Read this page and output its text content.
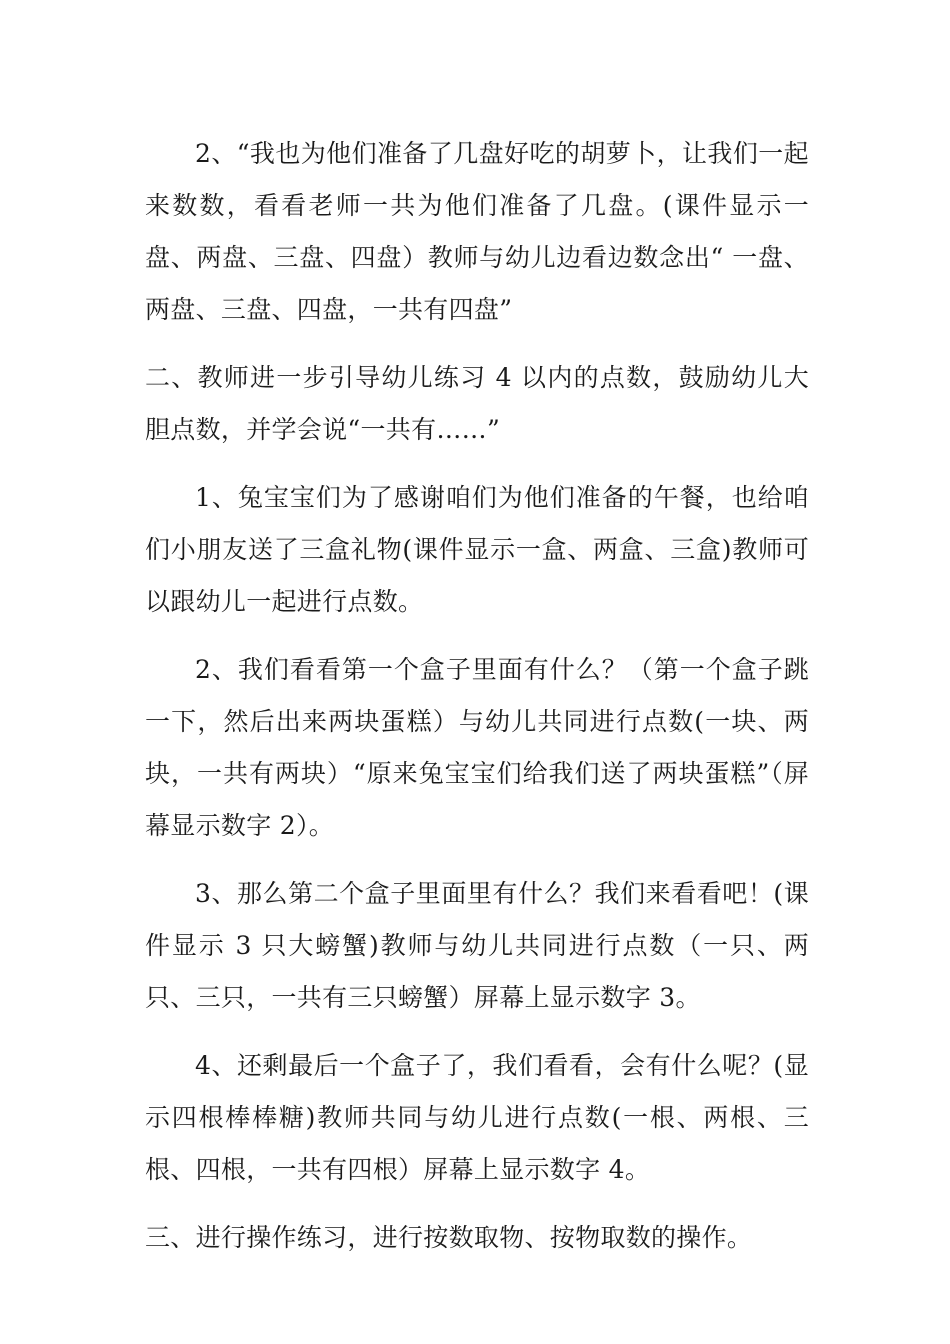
2、“我也为他们准备了几盘好吃的胡萝卜，让我们一起来数数，看看老师一共为他们准备了几盘。(课件显示一盘、两盘、三盘、四盘）教师与幼儿边看边数念出“ 一盘、两盘、三盘、四盘，一共有四盘”

二、教师进一步引导幼儿练习 4 以内的点数，鼓励幼儿大胆点数，并学会说“一共有……”

1、兔宝宝们为了感谢咱们为他们准备的午餐，也给咱们小朋友送了三盒礼物(课件显示一盒、两盒、三盒)教师可以跟幼儿一起进行点数。

2、我们看看第一个盒子里面有什么？（第一个盒子跳一下，然后出来两块蛋糕）与幼儿共同进行点数(一块、两块，一共有两块）“原来兔宝宝们给我们送了两块蛋糕”（屏幕显示数字 2）。

3、那么第二个盒子里面里有什么？我们来看看吧！(课件显示 3 只大螃蟹)教师与幼儿共同进行点数（一只、两只、三只，一共有三只螃蟹）屏幕上显示数字 3。

4、还剩最后一个盒子了，我们看看，会有什么呢？(显示四根棒棒糖)教师共同与幼儿进行点数(一根、两根、三根、四根，一共有四根）屏幕上显示数字 4。

三、进行操作练习，进行按数取物、按物取数的操作。
